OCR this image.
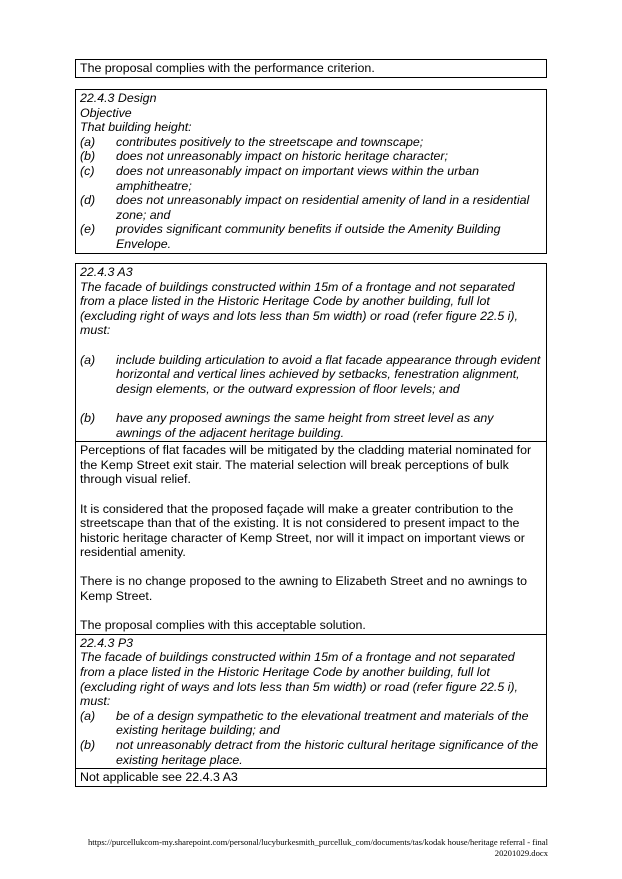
The proposal complies with the performance criterion.
22.4.3 Design
Objective
That building height:
(a)	contributes positively to the streetscape and townscape;
(b)	does not unreasonably impact on historic heritage character;
(c)	does not unreasonably impact on important views within the urban amphitheatre;
(d)	does not unreasonably impact on residential amenity of land in a residential zone; and
(e)	provides significant community benefits if outside the Amenity Building Envelope.
22.4.3 A3
The facade of buildings constructed within 15m of a frontage and not separated from a place listed in the Historic Heritage Code by another building, full lot (excluding right of ways and lots less than 5m width) or road (refer figure 22.5 i), must:
(a)	include building articulation to avoid a flat facade appearance through evident horizontal and vertical lines achieved by setbacks, fenestration alignment, design elements, or the outward expression of floor levels; and
(b)	have any proposed awnings the same height from street level as any awnings of the adjacent heritage building.
Perceptions of flat facades will be mitigated by the cladding material nominated for the Kemp Street exit stair. The material selection will break perceptions of bulk through visual relief.
It is considered that the proposed façade will make a greater contribution to the streetscape than that of the existing. It is not considered to present impact to the historic heritage character of Kemp Street, nor will it impact on important views or residential amenity.
There is no change proposed to the awning to Elizabeth Street and no awnings to Kemp Street.
The proposal complies with this acceptable solution.
22.4.3 P3
The facade of buildings constructed within 15m of a frontage and not separated from a place listed in the Historic Heritage Code by another building, full lot (excluding right of ways and lots less than 5m width) or road (refer figure 22.5 i), must:
(a)	be of a design sympathetic to the elevational treatment and materials of the existing heritage building; and
(b)	not unreasonably detract from the historic cultural heritage significance of the existing heritage place.
Not applicable see 22.4.3 A3
https://purcellukcom-my.sharepoint.com/personal/lucyburkesmith_purcelluk_com/documents/tas/kodak house/heritage referral - final
20201029.docx
